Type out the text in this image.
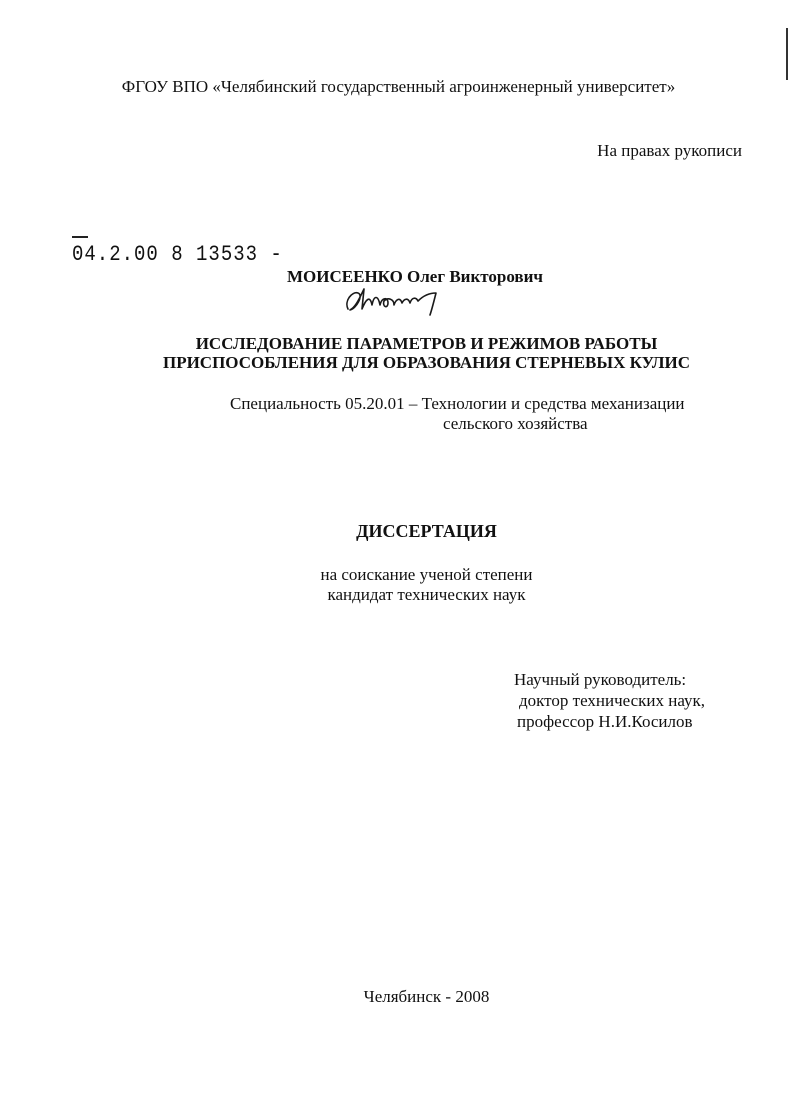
ФГОУ ВПО «Челябинский государственный агроинженерный университет»
На правах рукописи
04.2.00 8 13533 -
МОИСЕЕНКО Олег Викторович
ИССЛЕДОВАНИЕ ПАРАМЕТРОВ И РЕЖИМОВ РАБОТЫ
ПРИСПОСОБЛЕНИЯ ДЛЯ ОБРАЗОВАНИЯ СТЕРНЕВЫХ КУЛИС
Специальность 05.20.01 – Технологии и средства механизации
сельского хозяйства
ДИССЕРТАЦИЯ
на соискание ученой степени
кандидат технических наук
Научный руководитель:
доктор технических наук,
профессор Н.И.Косилов
Челябинск - 2008
